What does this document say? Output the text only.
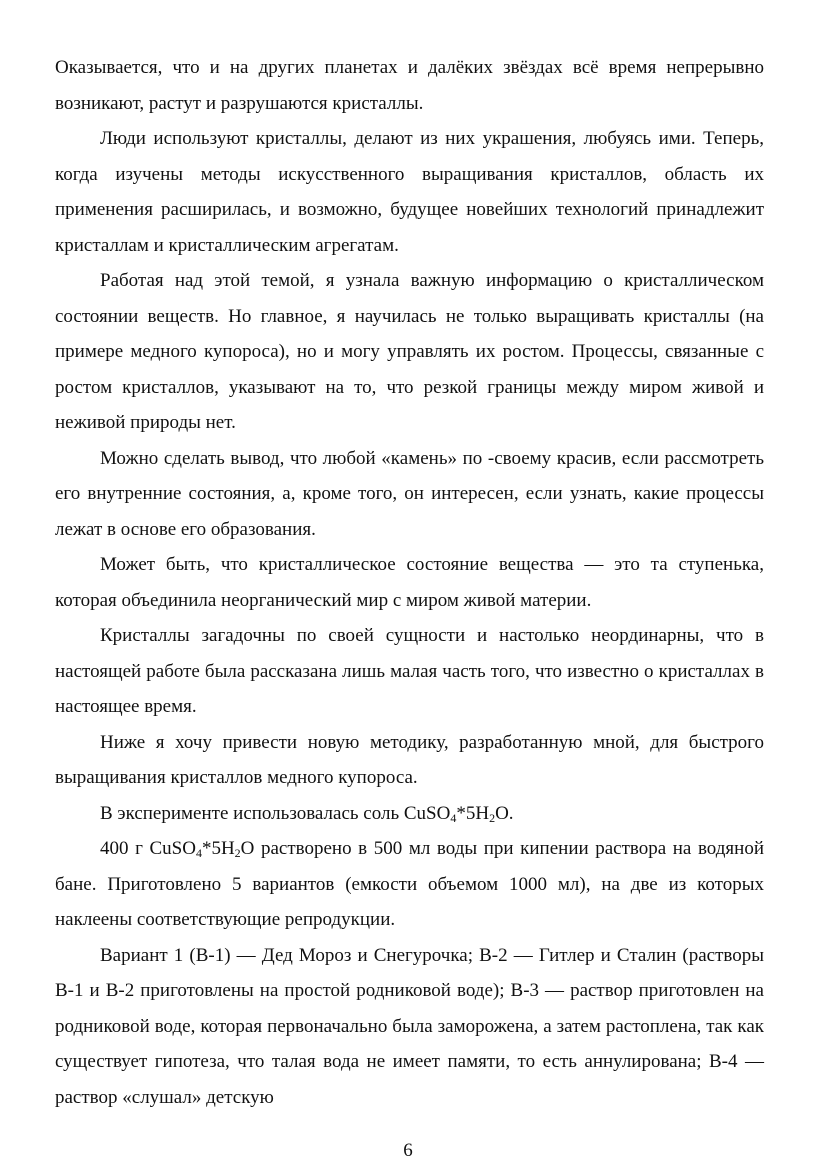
Оказывается, что и на других планетах и далёких звёздах всё время непрерывно возникают, растут и разрушаются кристаллы.

Люди используют кристаллы, делают из них украшения, любуясь ими. Теперь, когда изучены методы искусственного выращивания кристаллов, область их применения расширилась, и возможно, будущее новейших технологий принадлежит кристаллам и кристаллическим агрегатам.

Работая над этой темой, я узнала важную информацию о кристаллическом состоянии веществ. Но главное, я научилась не только выращивать кристаллы (на примере медного купороса), но и могу управлять их ростом. Процессы, связанные с ростом кристаллов, указывают на то, что резкой границы между миром живой и неживой природы нет.

Можно сделать вывод, что любой «камень» по -своему красив, если рассмотреть его внутренние состояния, а, кроме того, он интересен, если узнать, какие процессы лежат в основе его образования.

Может быть, что кристаллическое состояние вещества — это та ступенька, которая объединила неорганический мир с миром живой материи.

Кристаллы загадочны по своей сущности и настолько неординарны, что в настоящей работе была рассказана лишь малая часть того, что известно о кристаллах в настоящее время.

Ниже я хочу привести новую методику, разработанную мной, для быстрого выращивания кристаллов медного купороса.

В эксперименте использовалась соль $CuSO_4*5H_2O$.

400 г $CuSO_4*5H_2O$ растворено в 500 мл воды при кипении раствора на водяной бане. Приготовлено 5 вариантов (емкости объемом 1000 мл), на две из которых наклеены соответствующие репродукции.

Вариант 1 (В-1) — Дед Мороз и Снегурочка; В-2 — Гитлер и Сталин (растворы В-1 и В-2 приготовлены на простой родниковой воде); В-3 — раствор приготовлен на родниковой воде, которая первоначально была заморожена, а затем растоплена, так как существует гипотеза, что талая вода не имеет памяти, то есть аннулирована; В-4 — раствор «слушал» детскую

6
